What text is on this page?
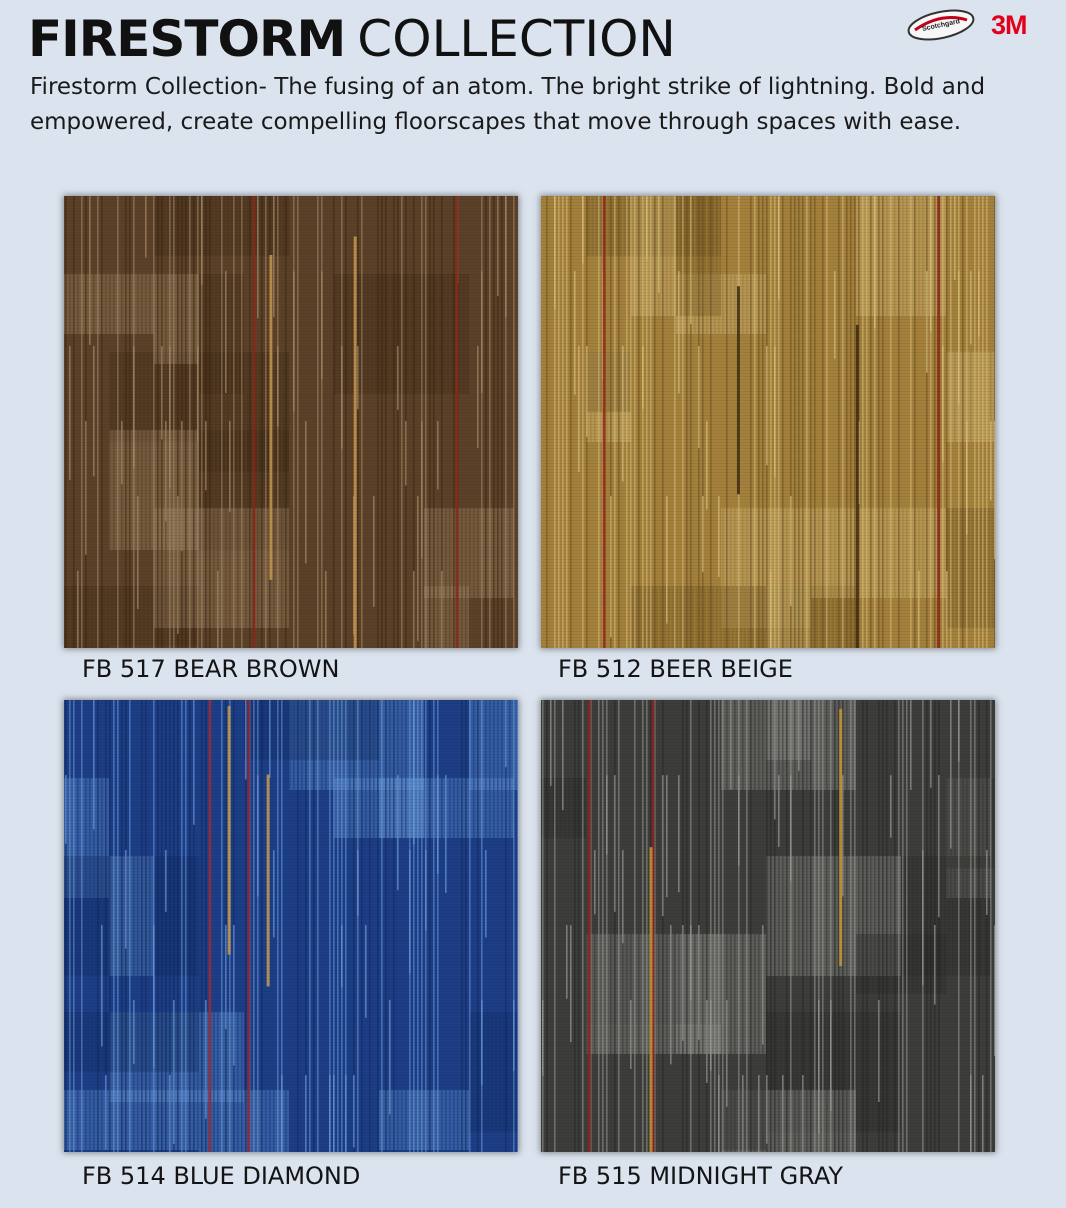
FIRESTORM COLLECTION	Scotchgard 3M
Firestorm Collection- The fusing of an atom. The bright strike of lightning. Bold and empowered, create compelling floorscapes that move through spaces with ease.
FB 517 BEAR BROWN	FB 512 BEER BEIGE
FB 514 BLUE DIAMOND	FB 515 MIDNIGHT GRAY
